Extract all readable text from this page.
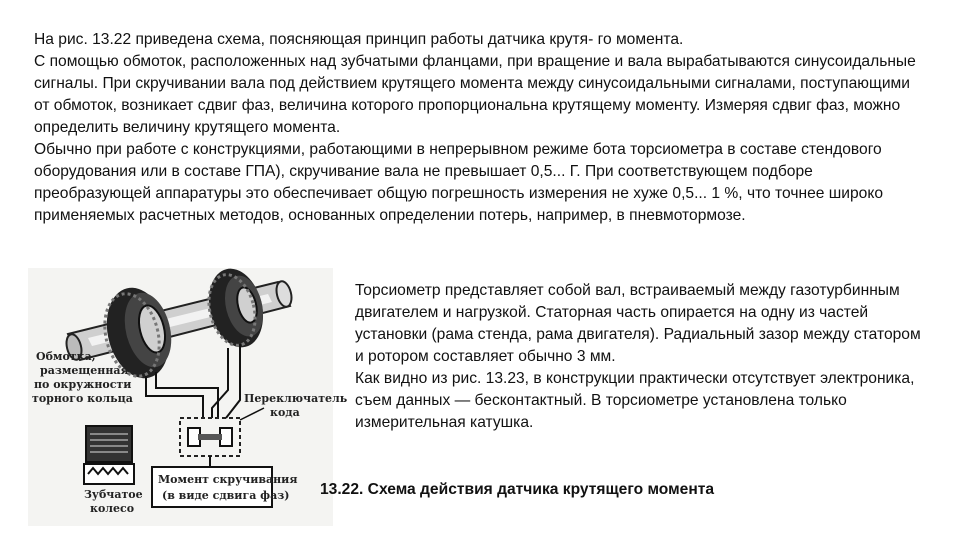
На рис. 13.22 приведена схема, поясняющая принцип работы датчика крутя- го момента.

С помощью обмоток, расположенных над зубчатыми фланцами, при вращение и вала вырабатываются синусоидальные сигналы. При скручивании вала под действием крутящего момента между синусоидальными сигналами, поступающими от обмоток, возникает сдвиг фаз, величина которого пропорциональна крутящему моменту. Измеряя сдвиг фаз, можно определить величину крутящего момента.

Обычно при работе с конструкциями, работающими в непрерывном режиме бота торсиометра в составе стендового оборудования или в составе ГПА), скручивание вала не превышает 0,5... Г. При соответствующем подборе преобразующей аппаратуры это обеспечивает общую погрешность измерения не хуже 0,5... 1 %, что точнее широко применяемых расчетных методов, основанных определении потерь, например, в пневмотормозе.

Обмотка,
размещенная
по окружности
торного кольца	Переключатель
кода
Момент скручивания
(в виде сдвига фаз)
Зубчатое
колесо

Торсиометр представляет собой вал, встраиваемый между газотурбинным двигателем и нагрузкой. Статорная часть опирается на одну из частей установки (рама стенда, рама двигателя). Радиальный зазор между статором и ротором составляет обычно 3 мм.

Как видно из рис. 13.23, в конструкции практически отсутствует электроника, съем данных — бесконтактный. В торсиометре установлена только измерительная катушка.

13.22. Схема действия датчика крутящего момента
